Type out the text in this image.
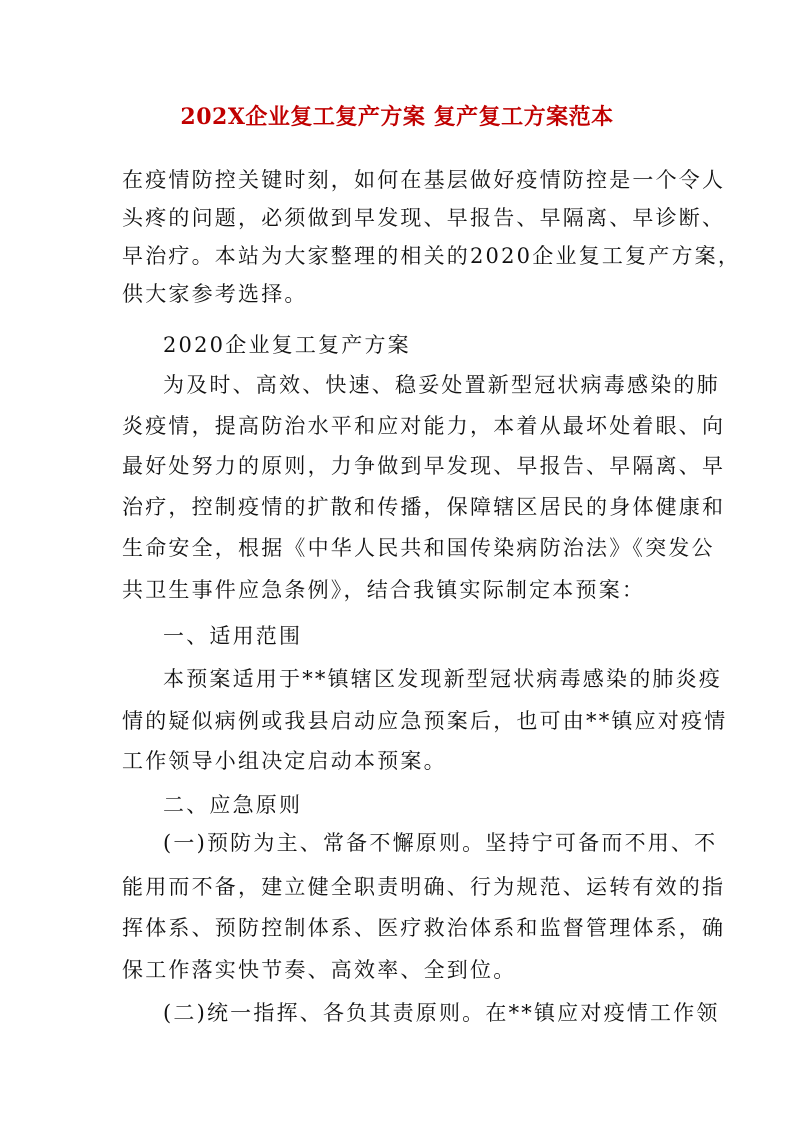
202X企业复工复产方案 复产复工方案范本
在疫情防控关键时刻，如何在基层做好疫情防控是一个令人
头疼的问题，必须做到早发现、早报告、早隔离、早诊断、
早治疗。本站为大家整理的相关的2020企业复工复产方案，
供大家参考选择。
2020企业复工复产方案
为及时、高效、快速、稳妥处置新型冠状病毒感染的肺
炎疫情，提高防治水平和应对能力，本着从最坏处着眼、向
最好处努力的原则，力争做到早发现、早报告、早隔离、早
治疗，控制疫情的扩散和传播，保障辖区居民的身体健康和
生命安全，根据《中华人民共和国传染病防治法》《突发公
共卫生事件应急条例》，结合我镇实际制定本预案：
一、适用范围
本预案适用于**镇辖区发现新型冠状病毒感染的肺炎疫
情的疑似病例或我县启动应急预案后，也可由**镇应对疫情
工作领导小组决定启动本预案。
二、应急原则
(一)预防为主、常备不懈原则。坚持宁可备而不用、不
能用而不备，建立健全职责明确、行为规范、运转有效的指
挥体系、预防控制体系、医疗救治体系和监督管理体系，确
保工作落实快节奏、高效率、全到位。
(二)统一指挥、各负其责原则。在**镇应对疫情工作领
